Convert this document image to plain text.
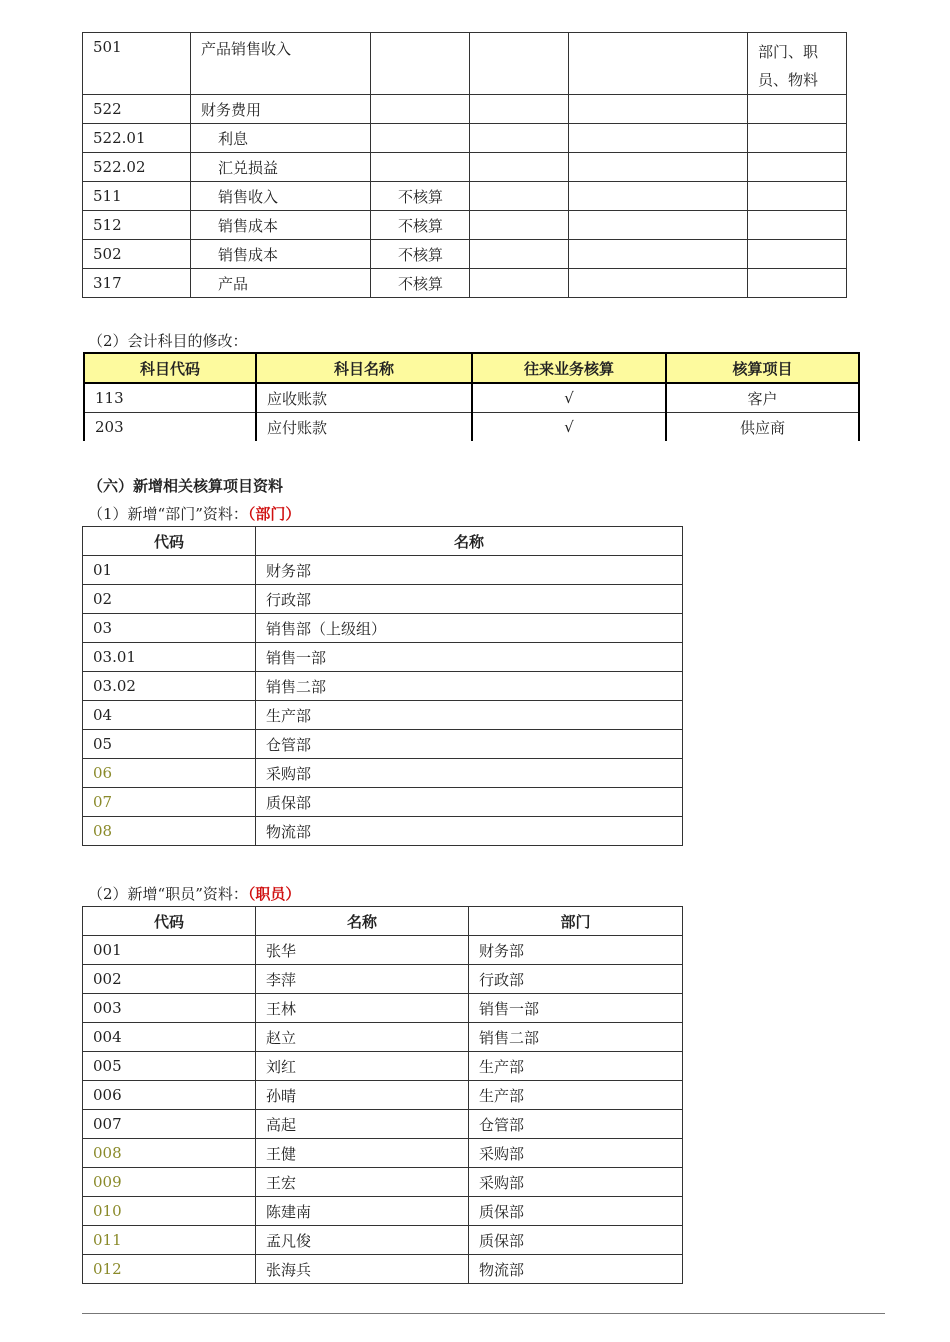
501	产品销售收入				部门、职
员、物料
522	财务费用				
522.01	利息				
522.02	汇兑损益				
511	销售收入	不核算			
512	销售成本	不核算			
502	销售成本	不核算			
317	产品	不核算			
（2）会计科目的修改：
科目代码	科目名称	往来业务核算	核算项目
113	应收账款	√	客户
203	应付账款	√	供应商
（六）新增相关核算项目资料
（1）新增“部门”资料：（部门）
代码	名称
01	财务部
02	行政部
03	销售部（上级组）
03.01	销售一部
03.02	销售二部
04	生产部
05	仓管部
06	采购部
07	质保部
08	物流部
（2）新增“职员”资料：（职员）
代码	名称	部门
001	张华	财务部
002	李萍	行政部
003	王林	销售一部
004	赵立	销售二部
005	刘红	生产部
006	孙晴	生产部
007	高起	仓管部
008	王健	采购部
009	王宏	采购部
010	陈建南	质保部
011	孟凡俊	质保部
012	张海兵	物流部
